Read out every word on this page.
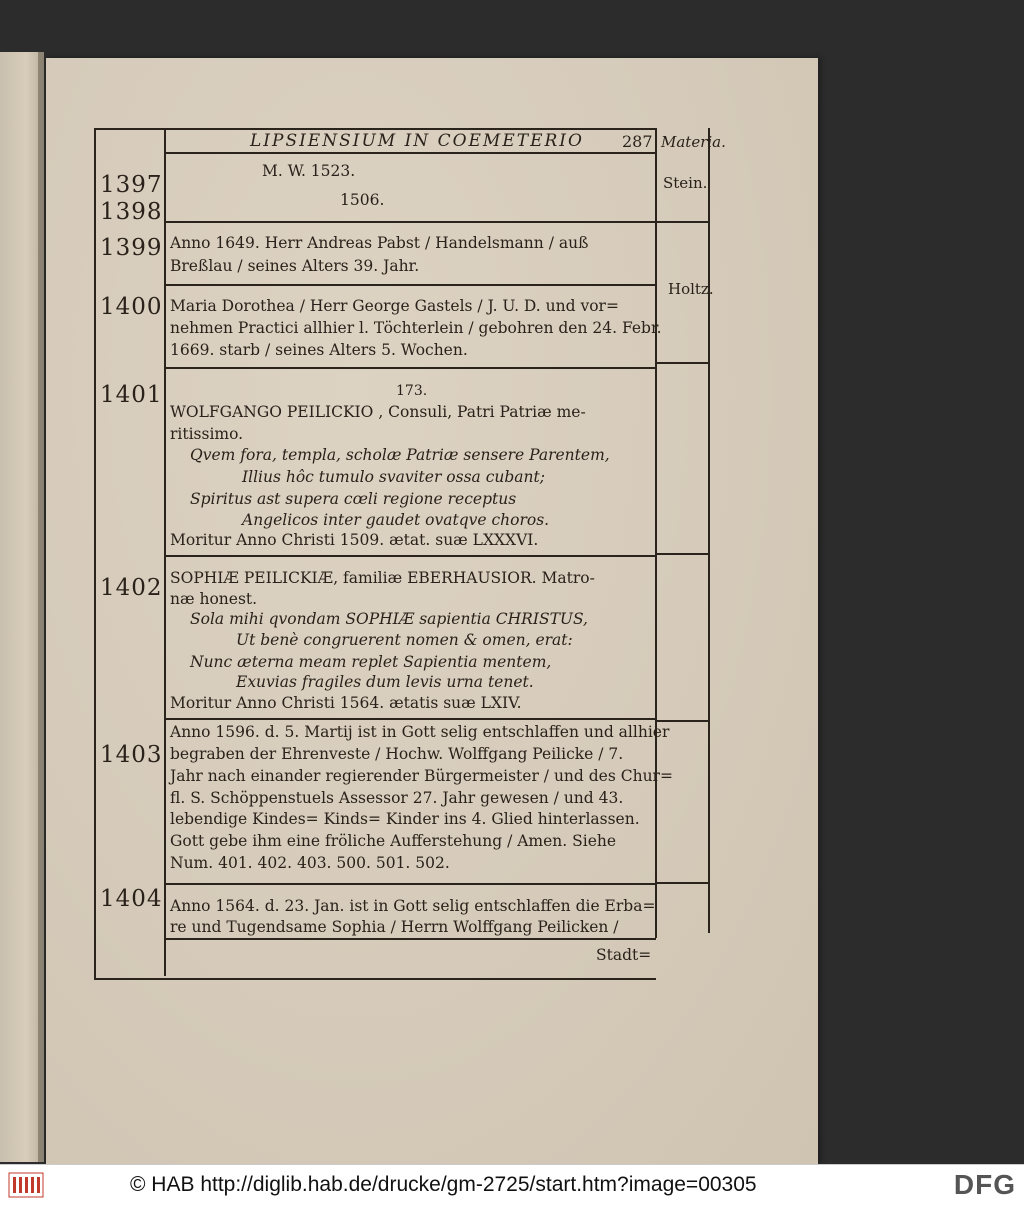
LIPSIENSIUM IN COEMETERIO 287 Materia.
1397
1398
1399
1400
1401
1402
1403
1404
Stein.
Holtz.
M. W. 1523.
1506.
Anno 1649. Herr Andreas Pabst / Handelsmann / auß
Breßlau / seines Alters 39. Jahr.
Maria Dorothea / Herr George Gastels / J. U. D. und vor=
nehmen Practici allhier l. Töchterlein / gebohren den 24. Febr.
1669. starb / seines Alters 5. Wochen.
173.
WOLFGANGO PEILICKIO , Consuli, Patri Patriæ me-
ritissimo.
Qvem fora, templa, scholæ Patriæ sensere Parentem,
Illius hôc tumulo svaviter ossa cubant;
Spiritus ast supera cœli regione receptus
Angelicos inter gaudet ovatqve choros.
Moritur Anno Christi 1509. ætat. suæ LXXXVI.
SOPHIÆ PEILICKIÆ, familiæ EBERHAUSIOR. Matro-
næ honest.
Sola mihi qvondam SOPHIÆ sapientia CHRISTUS,
Ut benè congruerent nomen & omen, erat:
Nunc æterna meam replet Sapientia mentem,
Exuvias fragiles dum levis urna tenet.
Moritur Anno Christi 1564. ætatis suæ LXIV.
Anno 1596. d. 5. Martij ist in Gott selig entschlaffen und allhier
begraben der Ehrenveste / Hochw. Wolffgang Peilicke / 7.
Jahr nach einander regierender Bürgermeister / und des Chur=
fl. S. Schöppenstuels Assessor 27. Jahr gewesen / und 43.
lebendige Kindes= Kinds= Kinder ins 4. Glied hinterlassen.
Gott gebe ihm eine fröliche Aufferstehung / Amen. Siehe
Num. 401. 402. 403. 500. 501. 502.
Anno 1564. d. 23. Jan. ist in Gott selig entschlaffen die Erba=
re und Tugendsame Sophia / Herrn Wolffgang Peilicken /
Stadt=
© HAB http://diglib.hab.de/drucke/gm-2725/start.htm?image=00305	DFG
